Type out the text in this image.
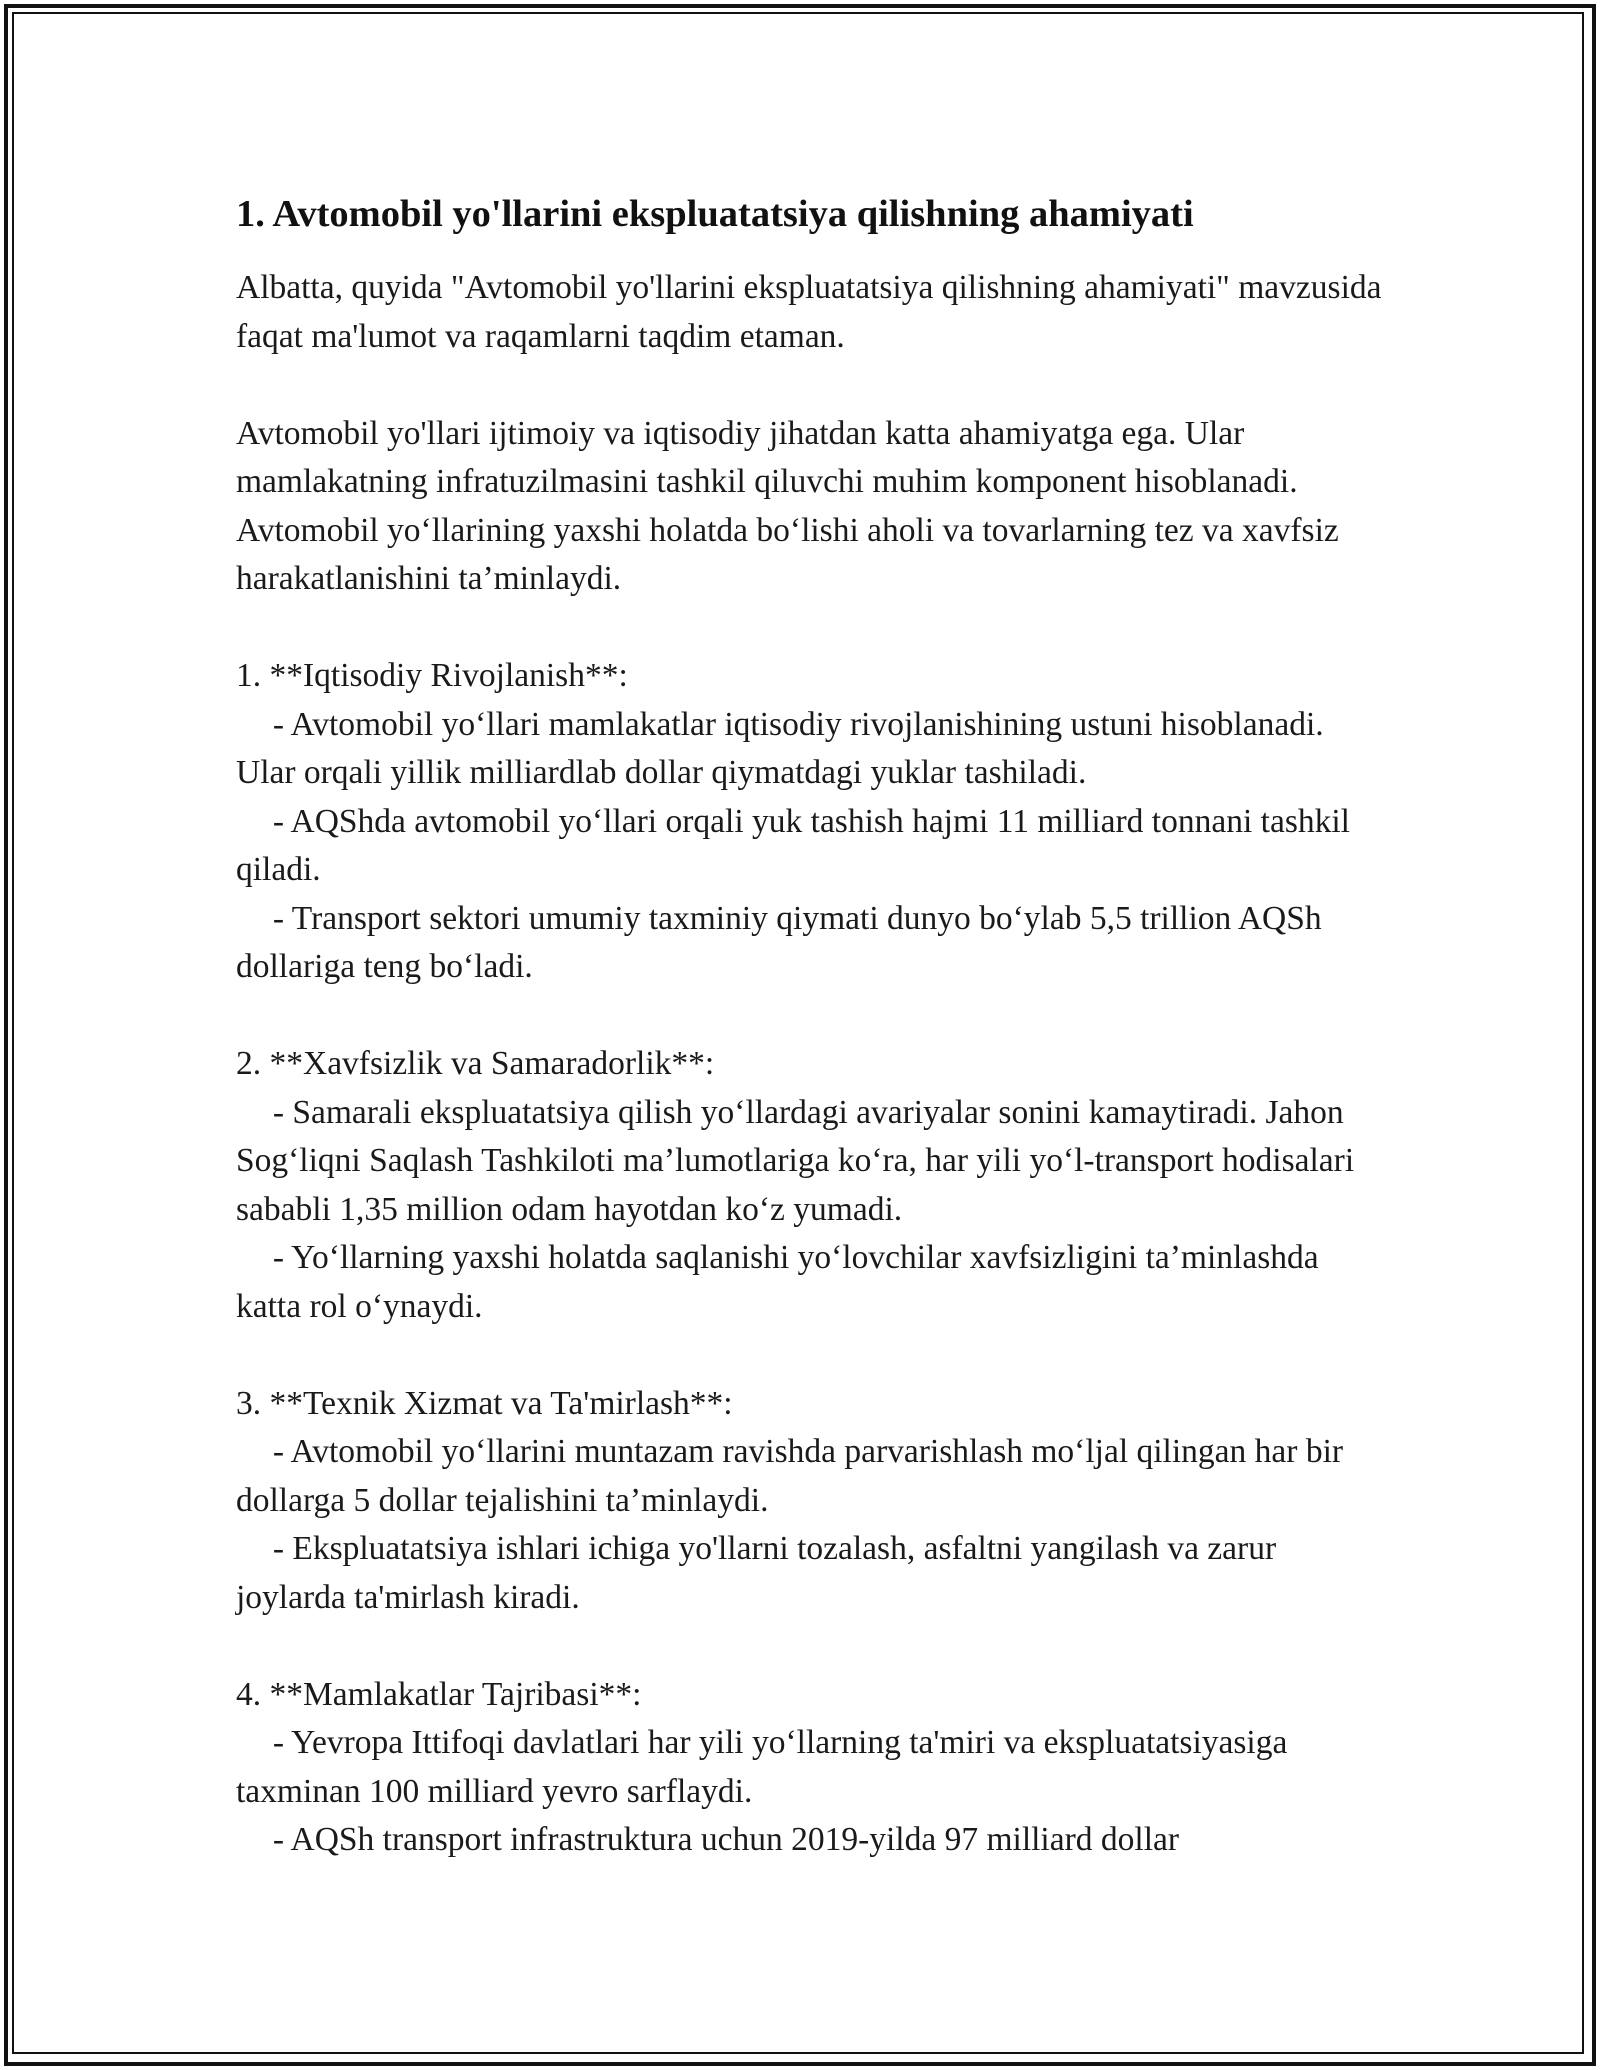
1. Avtomobil yo'llarini ekspluatatsiya qilishning ahamiyati

Albatta, quyida "Avtomobil yo'llarini ekspluatatsiya qilishning ahamiyati" mavzusida faqat ma'lumot va raqamlarni taqdim etaman.

Avtomobil yo'llari ijtimoiy va iqtisodiy jihatdan katta ahamiyatga ega. Ular mamlakatning infratuzilmasini tashkil qiluvchi muhim komponent hisoblanadi. Avtomobil yo‘llarining yaxshi holatda bo‘lishi aholi va tovarlarning tez va xavfsiz harakatlanishini ta’minlaydi.

1. **Iqtisodiy Rivojlanish**:

- Avtomobil yo‘llari mamlakatlar iqtisodiy rivojlanishining ustuni hisoblanadi. Ular orqali yillik milliardlab dollar qiymatdagi yuklar tashiladi.

- AQShda avtomobil yo‘llari orqali yuk tashish hajmi 11 milliard tonnani tashkil qiladi.

- Transport sektori umumiy taxminiy qiymati dunyo bo‘ylab 5,5 trillion AQSh dollariga teng bo‘ladi.

2. **Xavfsizlik va Samaradorlik**:

- Samarali ekspluatatsiya qilish yo‘llardagi avariyalar sonini kamaytiradi. Jahon Sog‘liqni Saqlash Tashkiloti ma’lumotlariga ko‘ra, har yili yo‘l-transport hodisalari sababli 1,35 million odam hayotdan ko‘z yumadi.

- Yo‘llarning yaxshi holatda saqlanishi yo‘lovchilar xavfsizligini ta’minlashda katta rol o‘ynaydi.

3. **Texnik Xizmat va Ta'mirlash**:

- Avtomobil yo‘llarini muntazam ravishda parvarishlash mo‘ljal qilingan har bir dollarga 5 dollar tejalishini ta’minlaydi.

- Ekspluatatsiya ishlari ichiga yo'llarni tozalash, asfaltni yangilash va zarur joylarda ta'mirlash kiradi.

4. **Mamlakatlar Tajribasi**:

- Yevropa Ittifoqi davlatlari har yili yo‘llarning ta'miri va ekspluatatsiyasiga taxminan 100 milliard yevro sarflaydi.

- AQSh transport infrastruktura uchun 2019-yilda 97 milliard dollar
